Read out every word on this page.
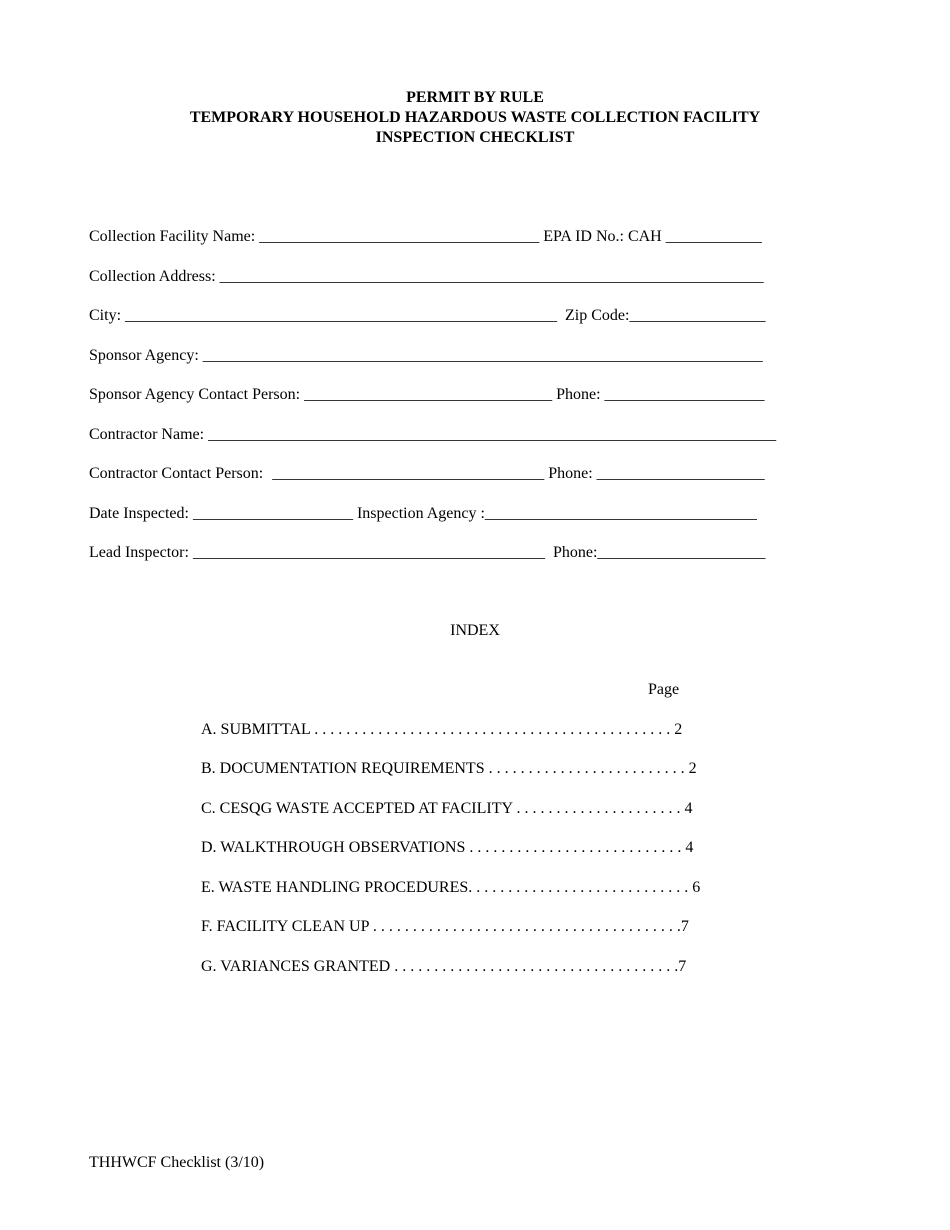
PERMIT BY RULE
TEMPORARY HOUSEHOLD HAZARDOUS WASTE COLLECTION FACILITY
INSPECTION CHECKLIST
Collection Facility Name: ___________________________________ EPA ID No.: CAH ____________
Collection Address: ____________________________________________________________________
City: ______________________________________________________ Zip Code:_________________
Sponsor Agency: ______________________________________________________________________
Sponsor Agency Contact Person: _______________________________ Phone: ____________________
Contractor Name: _______________________________________________________________________
Contractor Contact Person: __________________________________ Phone: _____________________
Date Inspected: ____________________ Inspection Agency :__________________________________
Lead Inspector: ____________________________________________ Phone:_____________________
INDEX
Page
A. SUBMITTAL . . . . . . . . . . . . . . . . . . . . . . . . . . . . . . . . . . . . . . . . . . . . . 2
B. DOCUMENTATION REQUIREMENTS . . . . . . . . . . . . . . . . . . . . . . . . . 2
C. CESQG WASTE ACCEPTED AT FACILITY . . . . . . . . . . . . . . . . . . . . . 4
D. WALKTHROUGH OBSERVATIONS . . . . . . . . . . . . . . . . . . . . . . . . . . . 4
E. WASTE HANDLING PROCEDURES. . . . . . . . . . . . . . . . . . . . . . . . . . . . 6
F. FACILITY CLEAN UP . . . . . . . . . . . . . . . . . . . . . . . . . . . . . . . . . . . . . . .7
G. VARIANCES GRANTED . . . . . . . . . . . . . . . . . . . . . . . . . . . . . . . . . . . .7
THHWCF Checklist (3/10)
